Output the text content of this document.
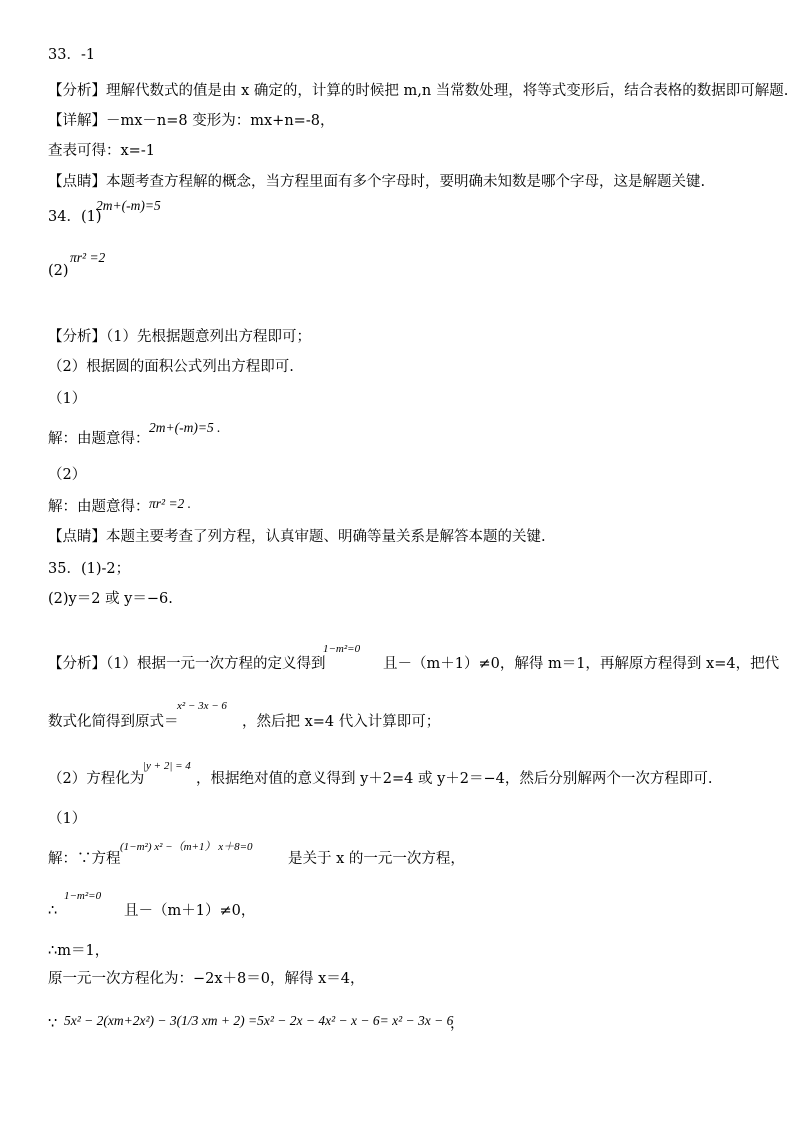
33．-1
【分析】理解代数式的值是由 x 确定的，计算的时候把 m,n 当常数处理，将等式变形后，结合表格的数据即可解题.
【详解】－mx－n=8 变形为：mx+n=-8，
查表可得：x=-1
【点睛】本题考查方程解的概念，当方程里面有多个字母时，要明确未知数是哪个字母，这是解题关键.
34．(1)
2m+(-m)=5
(2)
πr² =2
【分析】（1）先根据题意列出方程即可；
（2）根据圆的面积公式列出方程即可.
（1）
解：由题意得：
2m+(-m)=5 .
（2）
解：由题意得： πr² =2 .
【点睛】本题主要考查了列方程，认真审题、明确等量关系是解答本题的关键.
35．(1)-2；
(2)y＝2 或 y＝−6.
【分析】（1）根据一元一次方程的定义得到
1−m²=0
且－（m＋1）≠0，解得 m＝1，再解原方程得到 x=4，把代
数式化简得到原式＝
x² − 3x − 6
，然后把 x=4 代入计算即可；
（2）方程化为
|y + 2| = 4
，根据绝对值的意义得到 y＋2=4 或 y＋2＝−4，然后分别解两个一次方程即可.
（1）
解：∵方程
(1−m²) x² −（m+1） x＋8=0
是关于 x 的一元一次方程，
∴
1−m²=0
且－（m＋1）≠0，
∴m＝1，
原一元一次方程化为：−2x＋8＝0，解得 x＝4，
∵ 5x² − 2(xm+2x²) − 3(1/3 xm + 2) =5x² − 2x − 4x² − x − 6= x² − 3x − 6
，
